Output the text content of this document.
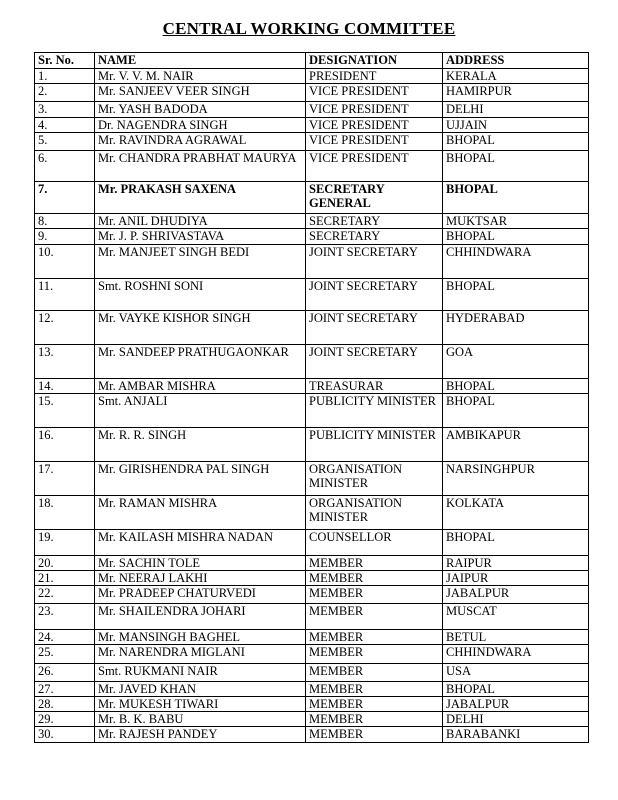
CENTRAL WORKING COMMITTEE
Sr. No.	NAME	DESIGNATION	ADDRESS
1.	Mr. V. V. M. NAIR	PRESIDENT	KERALA
2.	Mr. SANJEEV VEER SINGH	VICE PRESIDENT	HAMIRPUR
3.	Mr. YASH BADODA	VICE PRESIDENT	DELHI
4.	Dr. NAGENDRA SINGH	VICE PRESIDENT	UJJAIN
5.	Mr. RAVINDRA AGRAWAL	VICE PRESIDENT	BHOPAL
6.	Mr. CHANDRA PRABHAT MAURYA	VICE PRESIDENT	BHOPAL
7.	Mr. PRAKASH SAXENA	SECRETARY GENERAL	BHOPAL
8.	Mr. ANIL DHUDIYA	SECRETARY	MUKTSAR
9.	Mr. J. P. SHRIVASTAVA	SECRETARY	BHOPAL
10.	Mr. MANJEET SINGH BEDI	JOINT SECRETARY	CHHINDWARA
11.	Smt. ROSHNI SONI	JOINT SECRETARY	BHOPAL
12.	Mr. VAYKE KISHOR SINGH	JOINT SECRETARY	HYDERABAD
13.	Mr. SANDEEP PRATHUGAONKAR	JOINT SECRETARY	GOA
14.	Mr. AMBAR MISHRA	TREASURAR	BHOPAL
15.	Smt. ANJALI	PUBLICITY MINISTER	BHOPAL
16.	Mr. R. R. SINGH	PUBLICITY MINISTER	AMBIKAPUR
17.	Mr. GIRISHENDRA PAL SINGH	ORGANISATION MINISTER	NARSINGHPUR
18.	Mr. RAMAN MISHRA	ORGANISATION MINISTER	KOLKATA
19.	Mr. KAILASH MISHRA NADAN	COUNSELLOR	BHOPAL
20.	Mr. SACHIN TOLE	MEMBER	RAIPUR
21.	Mr. NEERAJ LAKHI	MEMBER	JAIPUR
22.	Mr. PRADEEP CHATURVEDI	MEMBER	JABALPUR
23.	Mr. SHAILENDRA JOHARI	MEMBER	MUSCAT
24.	Mr. MANSINGH BAGHEL	MEMBER	BETUL
25.	Mr. NARENDRA MIGLANI	MEMBER	CHHINDWARA
26.	Smt. RUKMANI NAIR	MEMBER	USA
27.	Mr. JAVED KHAN	MEMBER	BHOPAL
28.	Mr. MUKESH TIWARI	MEMBER	JABALPUR
29.	Mr. B. K. BABU	MEMBER	DELHI
30.	Mr. RAJESH PANDEY	MEMBER	BARABANKI
